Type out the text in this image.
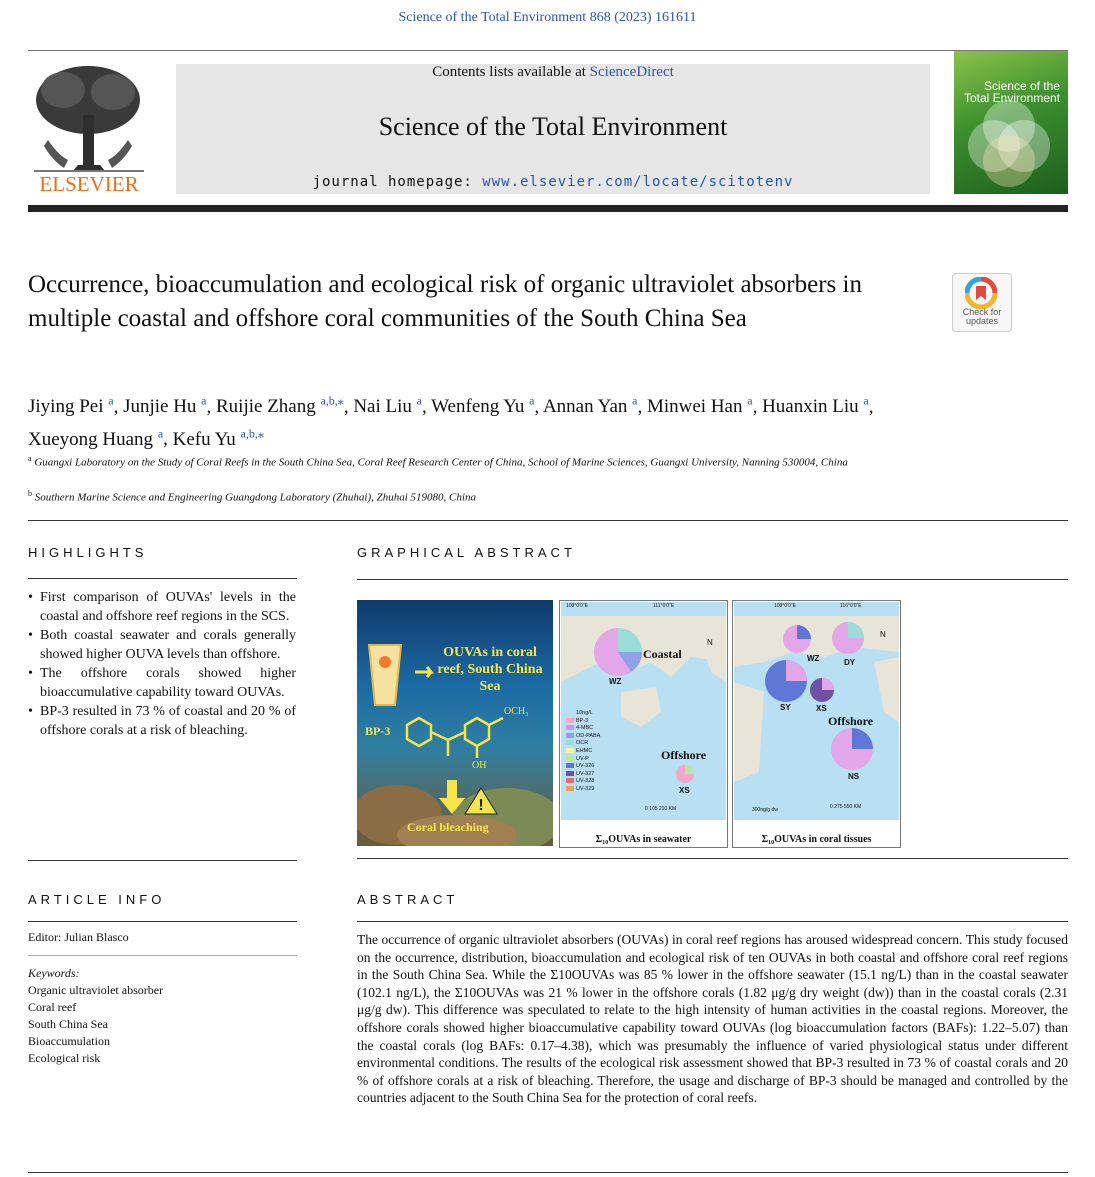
Science of the Total Environment 868 (2023) 161611
ELSEVIER
Contents lists available at ScienceDirect
Science of the Total Environment
journal homepage: www.elsevier.com/locate/scitotenv
Science of the
Total Environment
Occurrence, bioaccumulation and ecological risk of organic ultraviolet absorbers in multiple coastal and offshore coral communities of the South China Sea	Check for
updates
Jiying Pei $^a$, Junjie Hu $^a$, Ruijie Zhang $^{a,b,⁎}$, Nai Liu $^a$, Wenfeng Yu $^a$, Annan Yan $^a$, Minwei Han $^a$, Huanxin Liu $^a$,
Xueyong Huang $^a$, Kefu Yu $^{a,b,⁎}$
$^a$ Guangxi Laboratory on the Study of Coral Reefs in the South China Sea, Coral Reef Research Center of China, School of Marine Sciences, Guangxi University, Nanning 530004, China
$^b$ Southern Marine Science and Engineering Guangdong Laboratory (Zhuhai), Zhuhai 519080, China
HIGHLIGHTS
• First comparison of OUVAs' levels in the coastal and offshore reef regions in the SCS.
• Both coastal seawater and corals generally showed higher OUVA levels than offshore.
• The offshore corals showed higher bioaccumulative capability toward OUVAs.
• BP-3 resulted in 73 % of coastal and 20 % of offshore corals at a risk of bleaching.
GRAPHICAL ABSTRACT
!
OUVAs in coral reef, South China Sea
BP-3
OCH₃
OH
Coral bleaching
108°0'0"E	111°0'0"E
Coastal
WZ
Offshore
XS
N
10ng/L
BP-3
4-MBC
OD-PABA
OCR
EHMC
UV-P
UV-326
UV-327
UV-328
UV-329
0 105 210 KM
Σ₁₀OUVAs in seawater
108°0'0"E	116°0'0"E
WZ	DY
SY	XS
Offshore
NS
N
300ng/g dw	0 275 550 KM
Σ₁₀OUVAs in coral tissues
ARTICLE INFO
Editor: Julian Blasco
Keywords:
Organic ultraviolet absorber
Coral reef
South China Sea
Bioaccumulation
Ecological risk
ABSTRACT
The occurrence of organic ultraviolet absorbers (OUVAs) in coral reef regions has aroused widespread concern. This study focused on the occurrence, distribution, bioaccumulation and ecological risk of ten OUVAs in both coastal and offshore coral reef regions in the South China Sea. While the Σ10OUVAs was 85 % lower in the offshore seawater (15.1 ng/L) than in the coastal seawater (102.1 ng/L), the Σ10OUVAs was 21 % lower in the offshore corals (1.82 μg/g dry weight (dw)) than in the coastal corals (2.31 μg/g dw). This difference was speculated to relate to the high intensity of human activities in the coastal regions. Moreover, the offshore corals showed higher bioaccumulative capability toward OUVAs (log bioaccumulation factors (BAFs): 1.22–5.07) than the coastal corals (log BAFs: 0.17–4.38), which was presumably the influence of varied physiological status under different environmental conditions. The results of the ecological risk assessment showed that BP-3 resulted in 73 % of coastal corals and 20 % of offshore corals at a risk of bleaching. Therefore, the usage and discharge of BP-3 should be managed and controlled by the countries adjacent to the South China Sea for the protection of coral reefs.
